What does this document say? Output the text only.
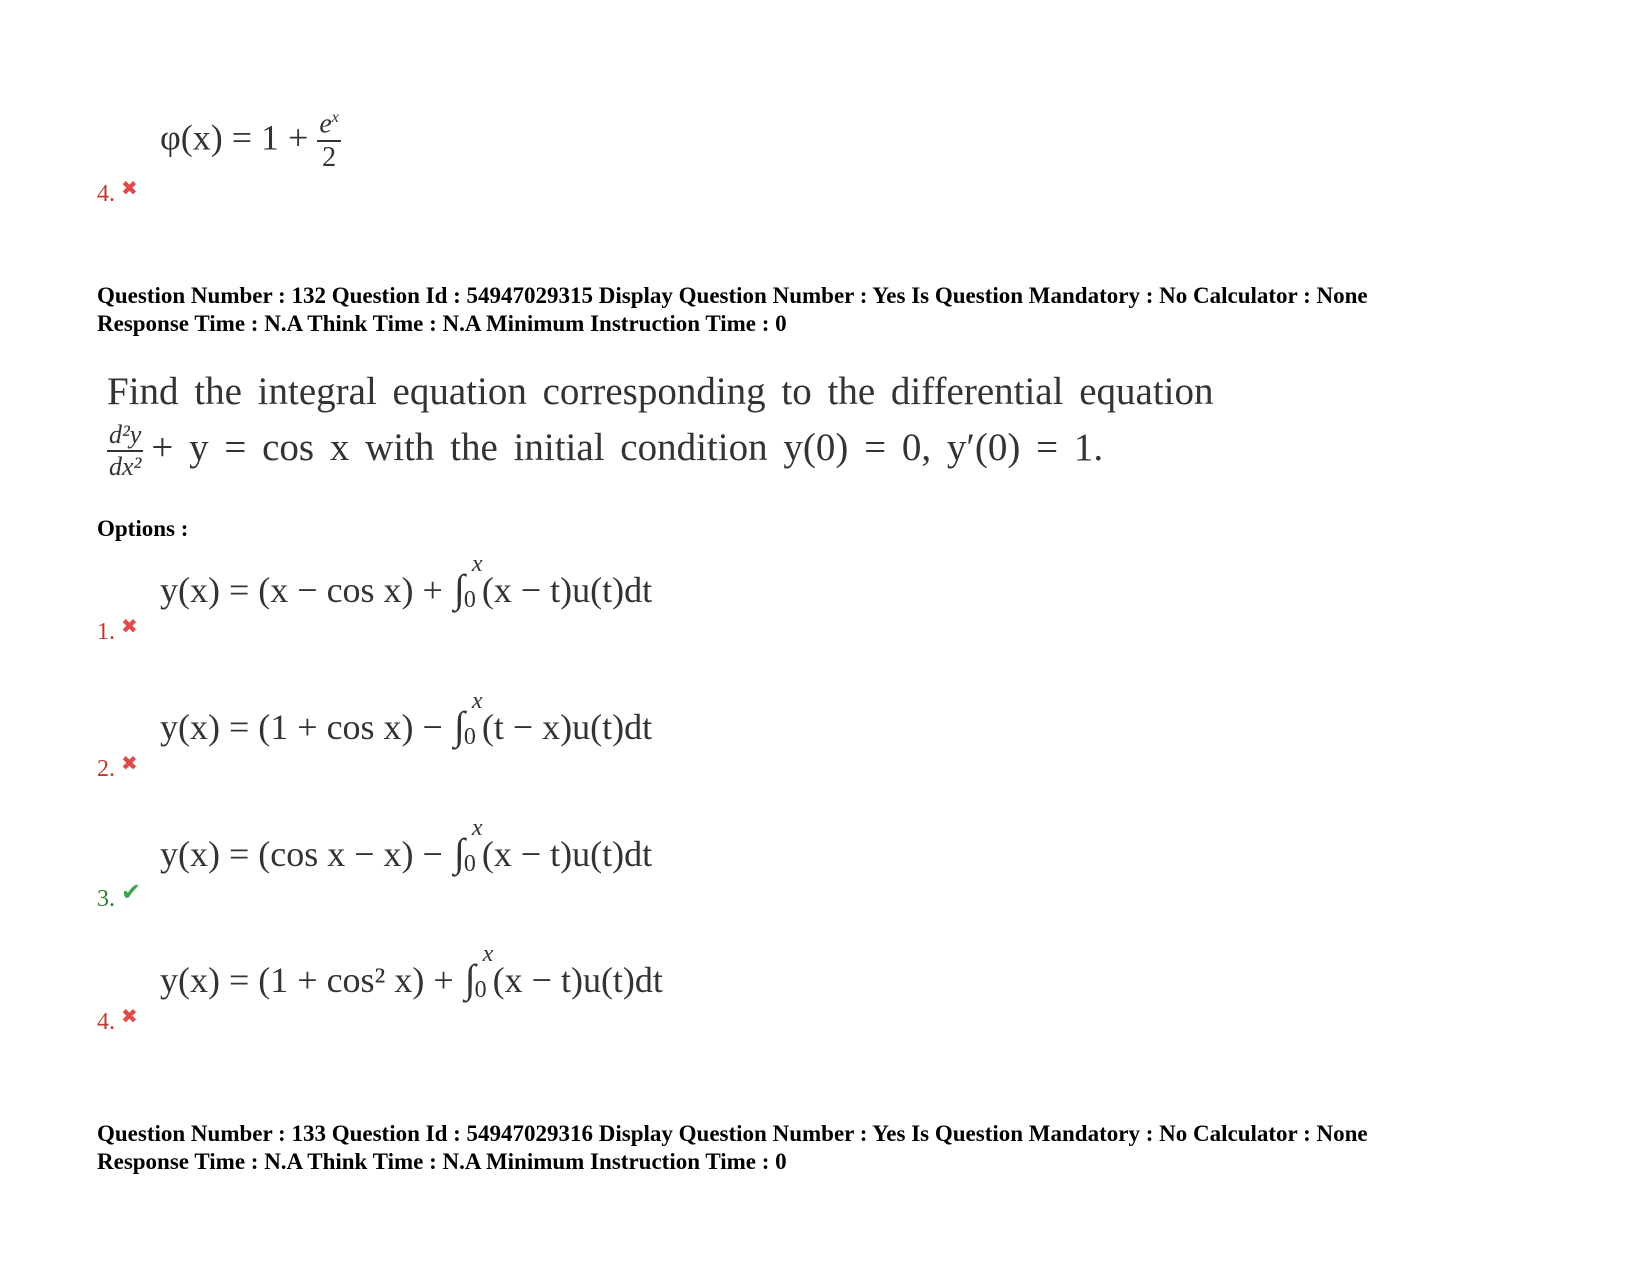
$\varphi(x) = 1 + \frac{e^x}{2}$
4. ✖
Question Number : 132 Question Id : 54947029315 Display Question Number : Yes Is Question Mandatory : No Calculator : None
Response Time : N.A Think Time : N.A Minimum Instruction Time : 0
Find the integral equation corresponding to the differential equation
$\frac{\text{d²y}}{\text{dx²}} + y = \cos x$ with the initial condition y(0) = 0, y′(0) = 1.
Options :
y(x) = (x − cos x) + ∫
x
0 (x − t)u(t)dt
1. ✖
y(x) = (1 + cos x) − ∫
x
0 (t − x)u(t)dt
2. ✖
y(x) = (cos x − x) − ∫
x
0 (x − t)u(t)dt
3. ✔
y(x) = (1 + cos² x) + ∫
x
0 (x − t)u(t)dt
4. ✖
Question Number : 133 Question Id : 54947029316 Display Question Number : Yes Is Question Mandatory : No Calculator : None
Response Time : N.A Think Time : N.A Minimum Instruction Time : 0
